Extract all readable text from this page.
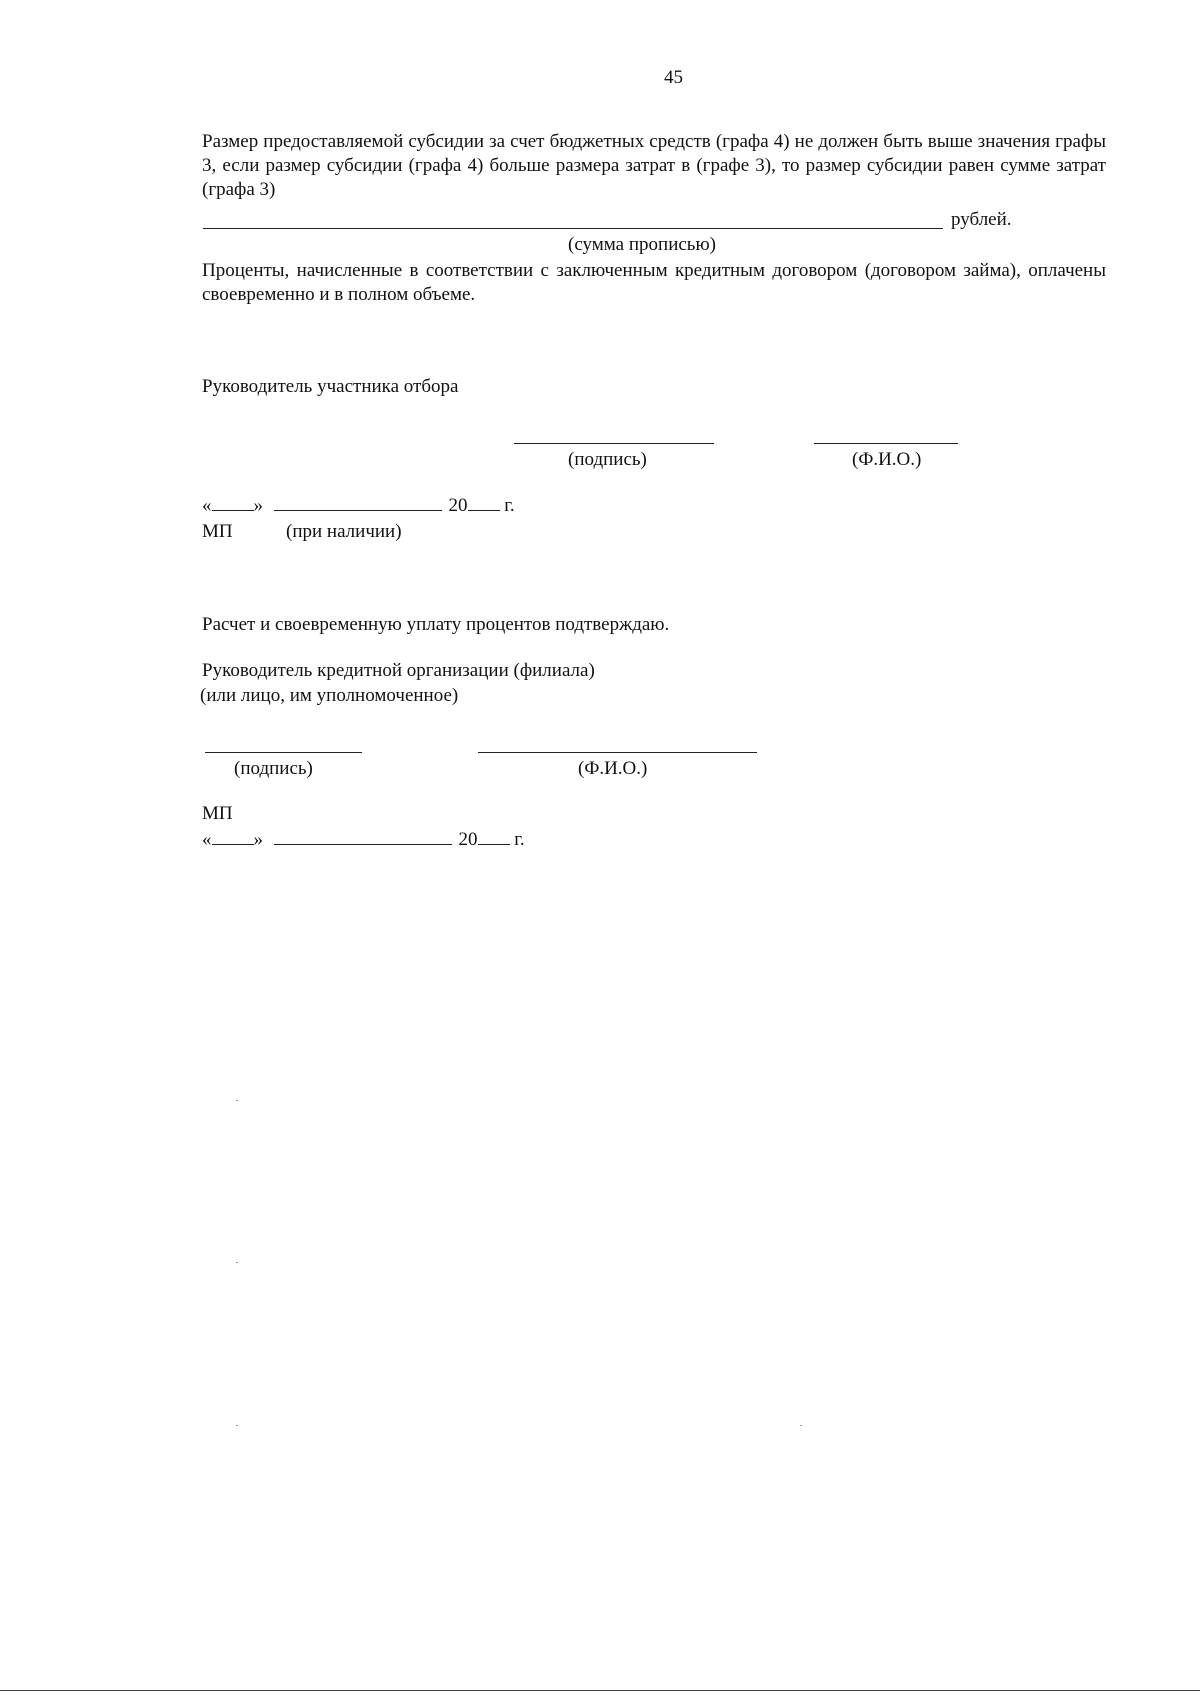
45
Размер предоставляемой субсидии за счет бюджетных средств (графа 4) не должен быть выше значения графы 3, если размер субсидии (графа 4) больше размера затрат в (графе 3), то размер субсидии равен сумме затрат (графа 3)
рублей.
(сумма прописью)
Проценты, начисленные в соответствии с заключенным кредитным договором (договором займа), оплачены своевременно и в полном объеме.
Руководитель участника отбора
(подпись)	(Ф.И.О.)
« »	20 г.
МП	(при наличии)
Расчет и своевременную уплату процентов подтверждаю.
Руководитель кредитной организации (филиала)
(или лицо, им уполномоченное)
(подпись)	(Ф.И.О.)
МП
« »	20 г.
